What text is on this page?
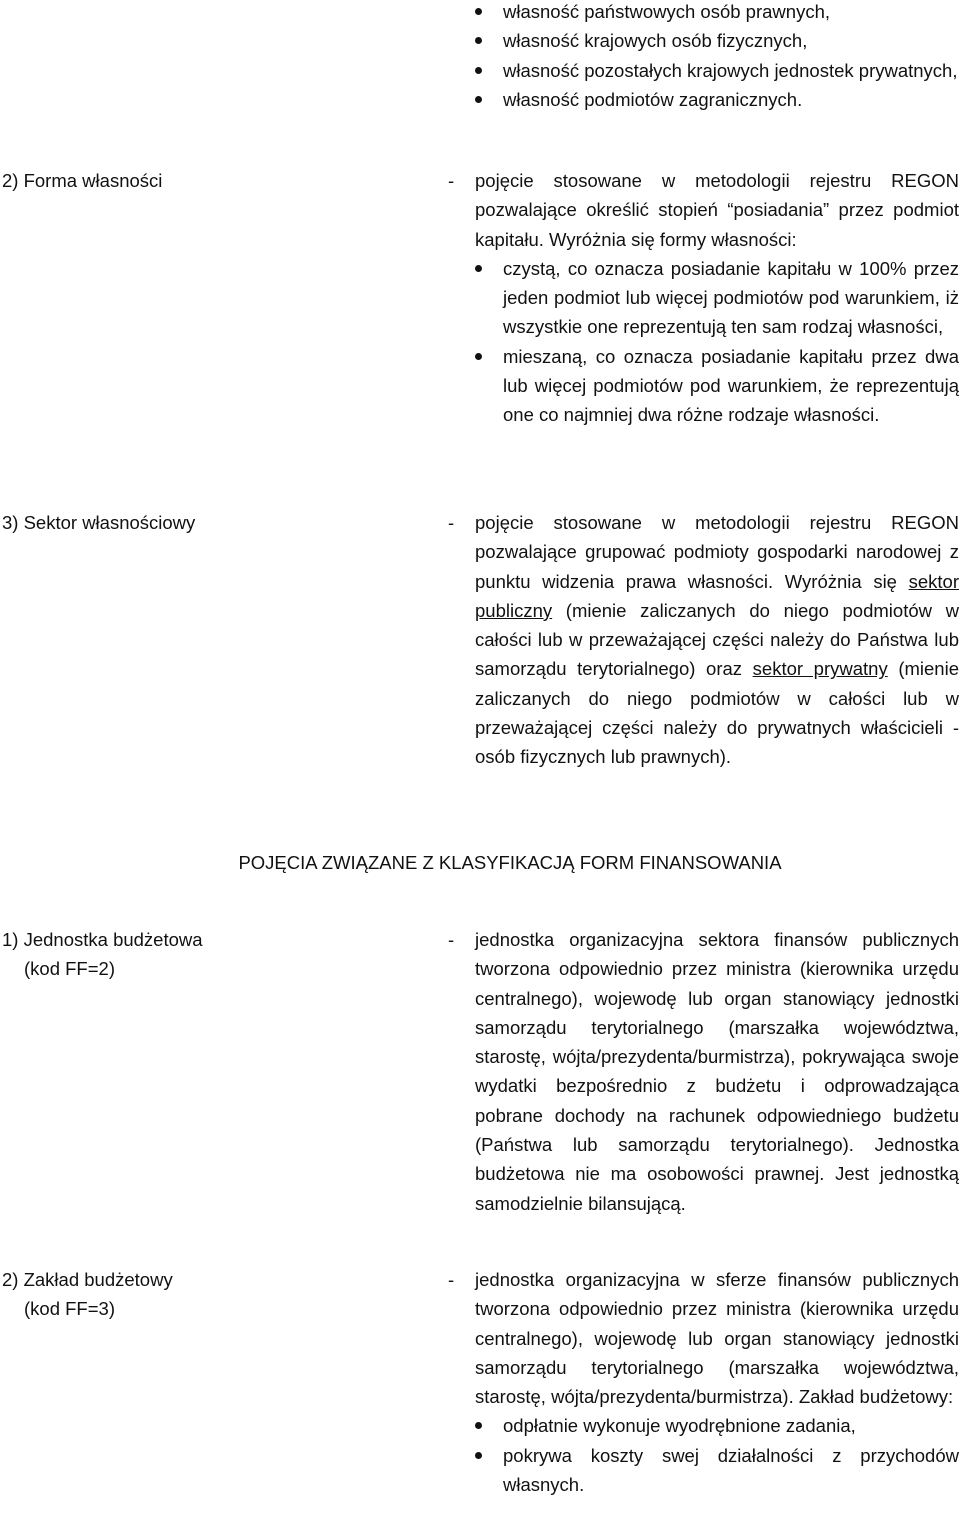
własność państwowych osób prawnych,
własność krajowych osób fizycznych,
własność pozostałych krajowych jednostek prywatnych,
własność podmiotów zagranicznych.
2) Forma własności	- pojęcie stosowane w metodologii rejestru REGON pozwalające określić stopień “posiadania” przez podmiot kapitału. Wyróżnia się formy własności:

czystą, co oznacza posiadanie kapitału w 100% przez jeden podmiot lub więcej podmiotów pod warunkiem, iż wszystkie one reprezentują ten sam rodzaj własności,
mieszaną, co oznacza posiadanie kapitału przez dwa lub więcej podmiotów pod warunkiem, że reprezentują one co najmniej dwa różne rodzaje własności.
3) Sektor własnościowy	- pojęcie stosowane w metodologii rejestru REGON pozwalające grupować podmioty gospodarki narodowej z punktu widzenia prawa własności. Wyróżnia się sektor publiczny (mienie zaliczanych do niego podmiotów w całości lub w przeważającej części należy do Państwa lub samorządu terytorialnego) oraz sektor prywatny (mienie zaliczanych do niego podmiotów w całości lub w przeważającej części należy do prywatnych właścicieli - osób fizycznych lub prawnych).

POJĘCIA ZWIĄZANE Z KLASYFIKACJĄ FORM FINANSOWANIA
1) Jednostka budżetowa
(kod FF=2)
- jednostka organizacyjna sektora finansów publicznych tworzona odpowiednio przez ministra (kierownika urzędu centralnego), wojewodę lub organ stanowiący jednostki samorządu terytorialnego (marszałka województwa, starostę, wójta/prezydenta/burmistrza), pokrywająca swoje wydatki bezpośrednio z budżetu i odprowadzająca pobrane dochody na rachunek odpowiedniego budżetu (Państwa lub samorządu terytorialnego). Jednostka budżetowa nie ma osobowości prawnej. Jest jednostką samodzielnie bilansującą.

2) Zakład budżetowy
(kod FF=3)
- jednostka organizacyjna w sferze finansów publicznych tworzona odpowiednio przez ministra (kierownika urzędu centralnego), wojewodę lub organ stanowiący jednostki samorządu terytorialnego (marszałka województwa, starostę, wójta/prezydenta/burmistrza). Zakład budżetowy:

odpłatnie wykonuje wyodrębnione zadania,
pokrywa koszty swej działalności z przychodów własnych.
